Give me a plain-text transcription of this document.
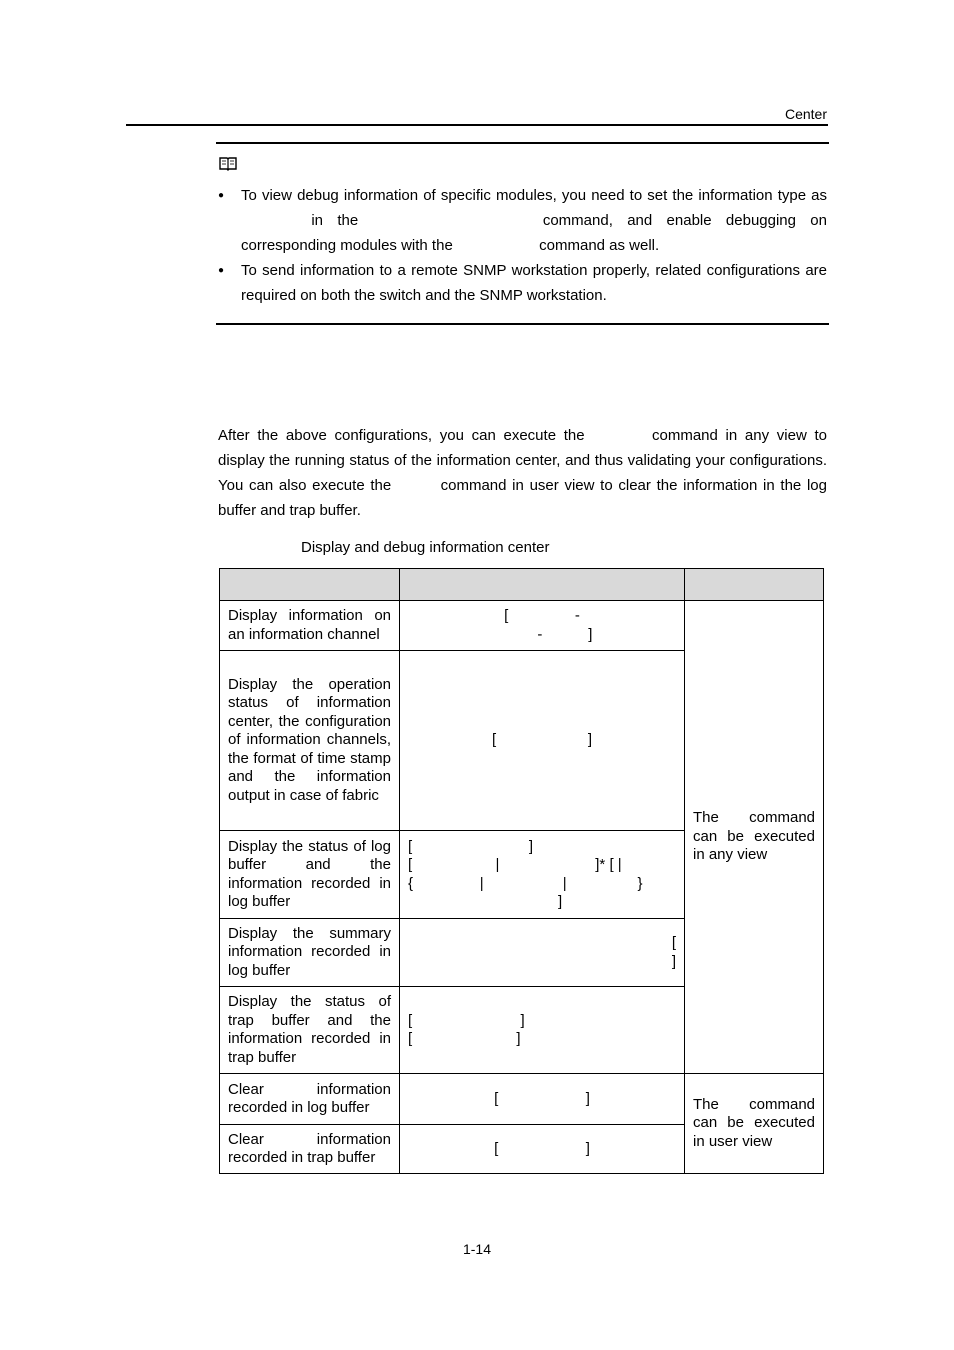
Center
● To view debug information of specific modules, you need to set the information type as  in the	command, and enable debugging on corresponding modules with the	command as well.
● To send information to a remote SNMP workstation properly, related configurations are required on both the switch and the SNMP workstation.

After the above configurations, you can execute the	command in any view to display the running status of the information center, and thus validating your configurations. You can also execute the	command in user view to clear the information in the log buffer and trap buffer.

Display and debug information center

Display information on an information channel	[                -
-           ]	The command can be executed in any view
Display the operation status of information center, the configuration of information channels, the format of time stamp and the information output in case of fabric	[                      ]	
Display the status of log buffer and the information recorded in log buffer	[                            ]
[                    |                       ]* [ |
{                |                   |                 }
]	
Display the summary information recorded in log buffer	[
]	
Display the status of trap buffer and the information recorded in trap buffer	[                          ]
[                         ]	
Clear information recorded in log buffer	[                     ]	The command can be executed in user view
Clear information recorded in trap buffer	[                     ]	
1-14
